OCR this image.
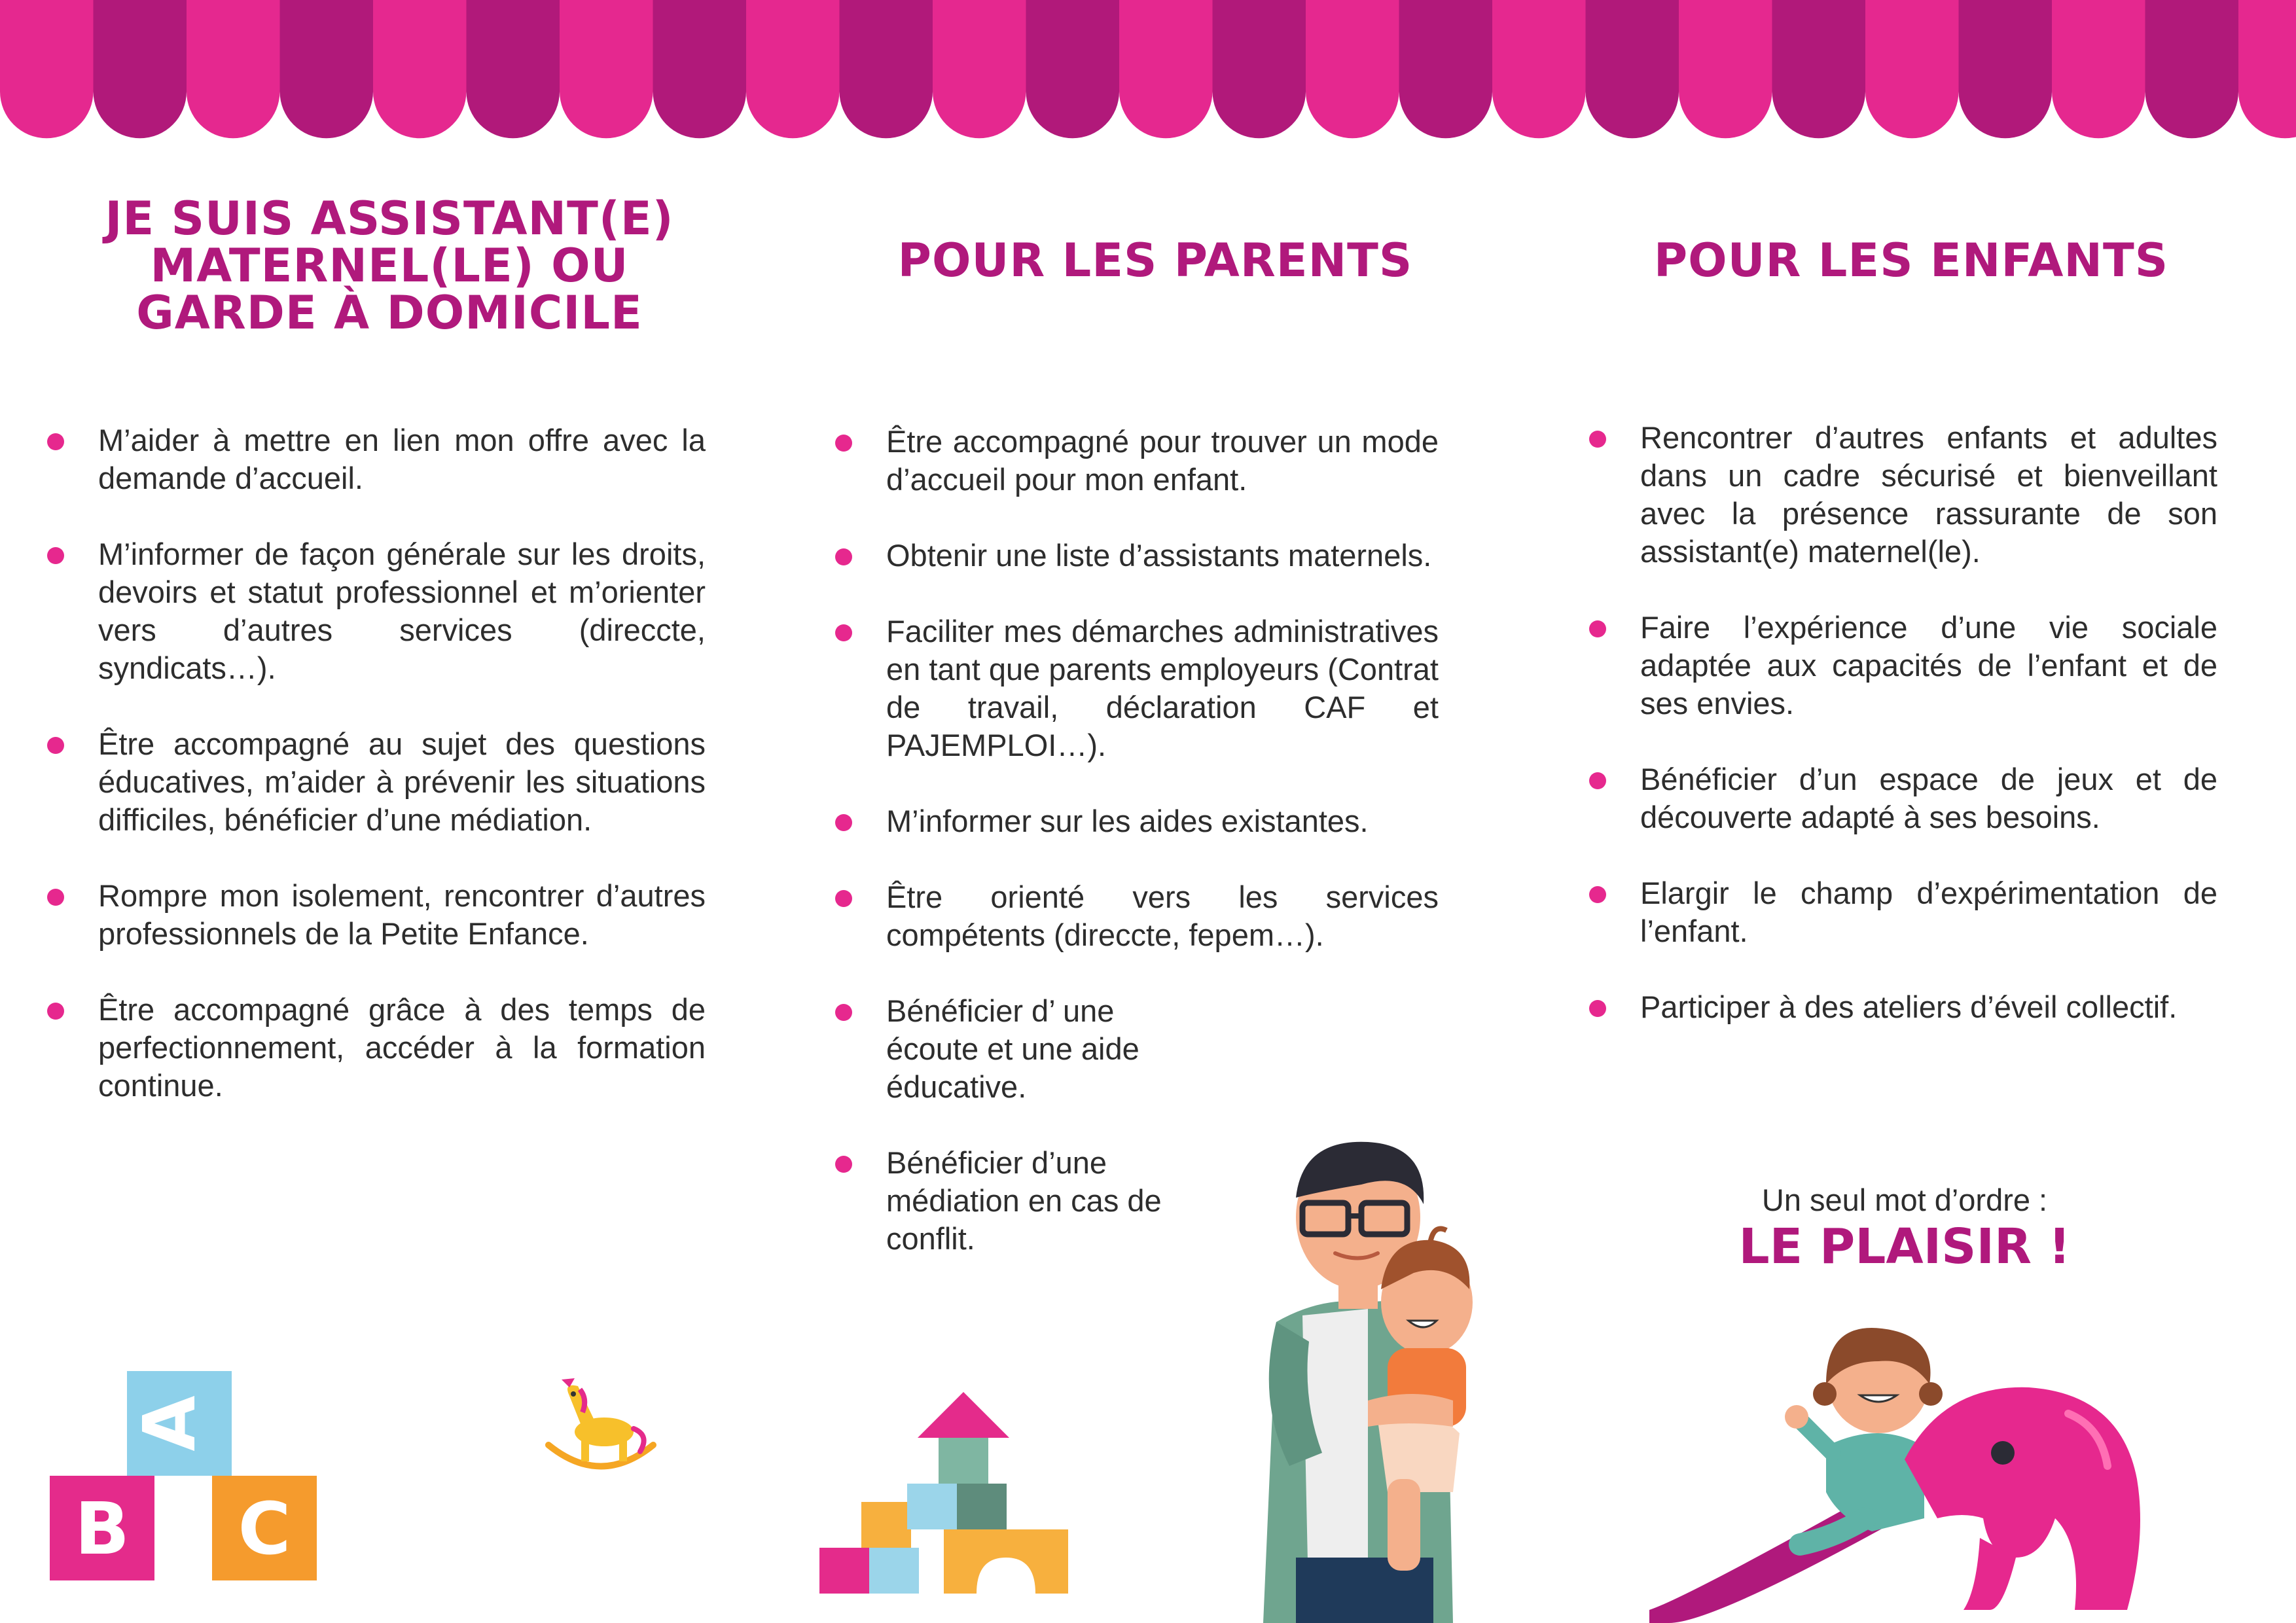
JE SUIS ASSISTANT(E)
MATERNEL(LE) OU
GARDE À DOMICILE
M’aider à mettre en lien mon offre avec la demande d’accueil.
M’informer de façon générale sur les droits, devoirs et statut professionnel et m’orienter vers d’autres services (direccte, syndicats…).
Être accompagné au sujet des questions éducatives, m’aider à prévenir les situations difficiles, bénéficier d’une médiation.
Rompre mon isolement, rencontrer d’autres professionnels de la Petite Enfance.
Être accompagné grâce à des temps de perfectionnement, accéder à la formation continue.
POUR LES PARENTS
Être accompagné pour trouver un mode d’accueil pour mon enfant.
Obtenir une liste d’assistants maternels.
Faciliter mes démarches administratives en tant que parents employeurs (Contrat de travail, déclaration CAF et PAJEMPLOI…).
M’informer sur les aides existantes.
Être orienté vers les services compétents (direccte, fepem…).
Bénéficier d’ une écoute et une aide éducative.
Bénéficier d’une médiation en cas de conflit.
POUR LES ENFANTS
Rencontrer d’autres enfants et adultes dans un cadre sécurisé et bienveillant avec la présence rassurante de son assistant(e) maternel(le).
Faire l’expérience d’une vie sociale adaptée aux capacités de l’enfant et de ses envies.
Bénéficier d’un espace de jeux et de découverte adapté à ses besoins.
Elargir le champ d’expérimentation de l’enfant.
Participer à des ateliers d’éveil collectif.
Un seul mot d’ordre :
LE PLAISIR !
A
B C
